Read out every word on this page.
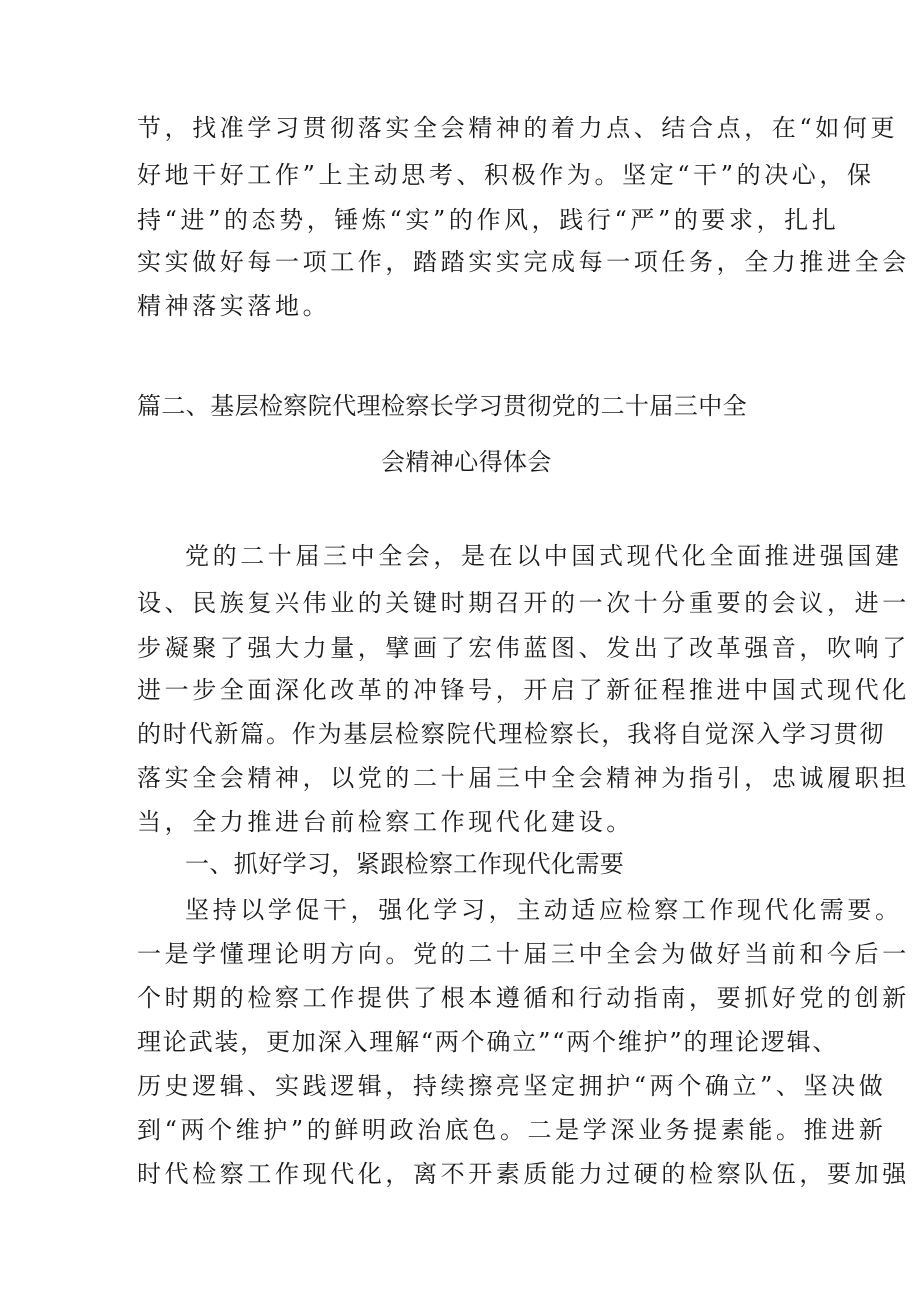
节，找准学习贯彻落实全会精神的着力点、结合点，在“如何更
好地干好工作”上主动思考、积极作为。坚定“干”的决心，保
持“进”的态势，锤炼“实”的作风，践行“严”的要求，扎扎
实实做好每一项工作，踏踏实实完成每一项任务，全力推进全会
精神落实落地。
篇二、基层检察院代理检察长学习贯彻党的二十届三中全
会精神心得体会
党的二十届三中全会，是在以中国式现代化全面推进强国建
设、民族复兴伟业的关键时期召开的一次十分重要的会议，进一
步凝聚了强大力量，擘画了宏伟蓝图、发出了改革强音，吹响了
进一步全面深化改革的冲锋号，开启了新征程推进中国式现代化
的时代新篇。作为基层检察院代理检察长，我将自觉深入学习贯彻
落实全会精神，以党的二十届三中全会精神为指引，忠诚履职担
当，全力推进台前检察工作现代化建设。
一、抓好学习，紧跟检察工作现代化需要
坚持以学促干，强化学习，主动适应检察工作现代化需要。
一是学懂理论明方向。党的二十届三中全会为做好当前和今后一
个时期的检察工作提供了根本遵循和行动指南，要抓好党的创新
理论武装，更加深入理解“两个确立”“两个维护”的理论逻辑、
历史逻辑、实践逻辑，持续擦亮坚定拥护“两个确立”、坚决做
到“两个维护”的鲜明政治底色。二是学深业务提素能。推进新
时代检察工作现代化，离不开素质能力过硬的检察队伍，要加强
